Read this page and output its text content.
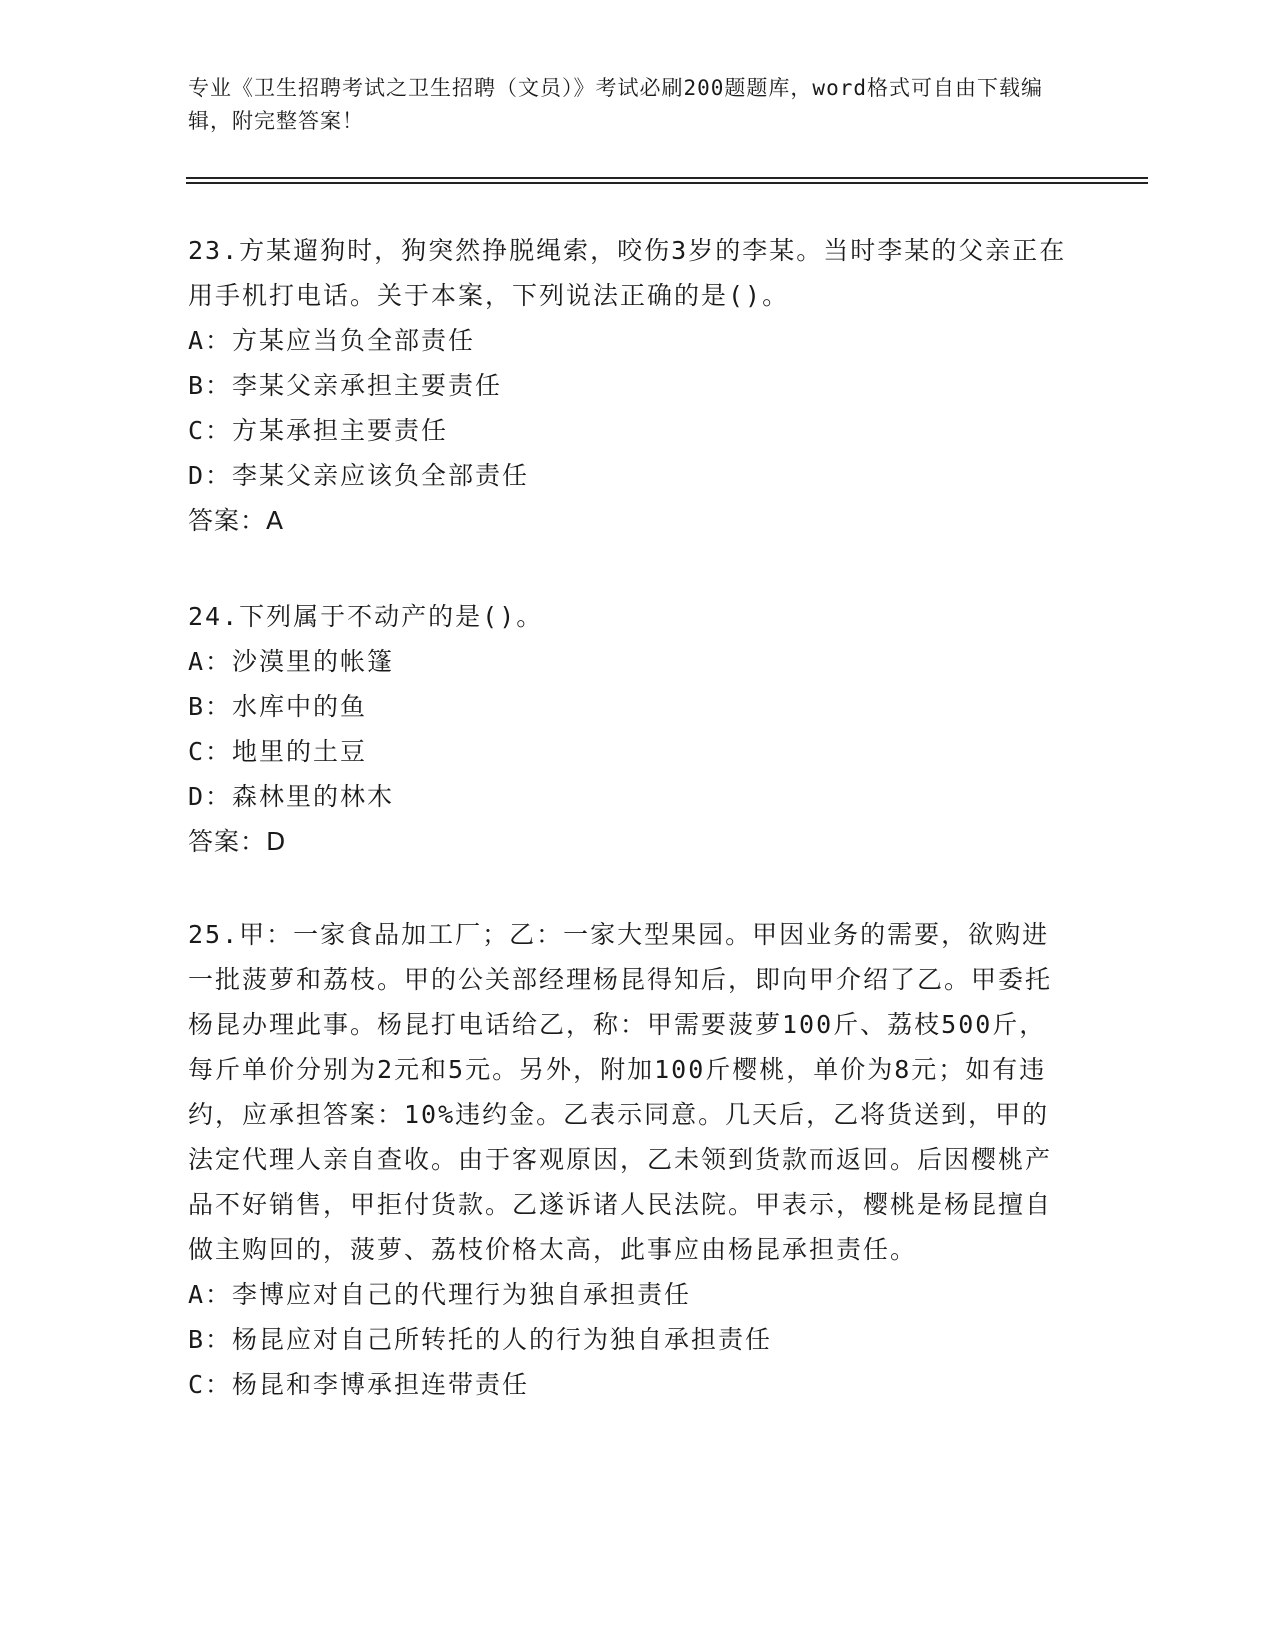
专业《卫生招聘考试之卫生招聘（文员）》考试必刷200题题库，word格式可自由下载编辑，附完整答案！

23.方某遛狗时，狗突然挣脱绳索，咬伤3岁的李某。当时李某的父亲正在用手机打电话。关于本案，下列说法正确的是()。

A：方某应当负全部责任

B：李某父亲承担主要责任

C：方某承担主要责任

D：李某父亲应该负全部责任

答案：A

24.下列属于不动产的是()。

A：沙漠里的帐篷

B：水库中的鱼

C：地里的土豆

D：森林里的林木

答案：D

25.甲：一家食品加工厂；乙：一家大型果园。甲因业务的需要，欲购进一批菠萝和荔枝。甲的公关部经理杨昆得知后，即向甲介绍了乙。甲委托杨昆办理此事。杨昆打电话给乙，称：甲需要菠萝100斤、荔枝500斤，每斤单价分别为2元和5元。另外，附加100斤樱桃，单价为8元；如有违约，应承担答案：10%违约金。乙表示同意。几天后，乙将货送到，甲的法定代理人亲自查收。由于客观原因，乙未领到货款而返回。后因樱桃产品不好销售，甲拒付货款。乙遂诉诸人民法院。甲表示，樱桃是杨昆擅自做主购回的，菠萝、荔枝价格太高，此事应由杨昆承担责任。

A：李博应对自己的代理行为独自承担责任

B：杨昆应对自己所转托的人的行为独自承担责任

C：杨昆和李博承担连带责任
